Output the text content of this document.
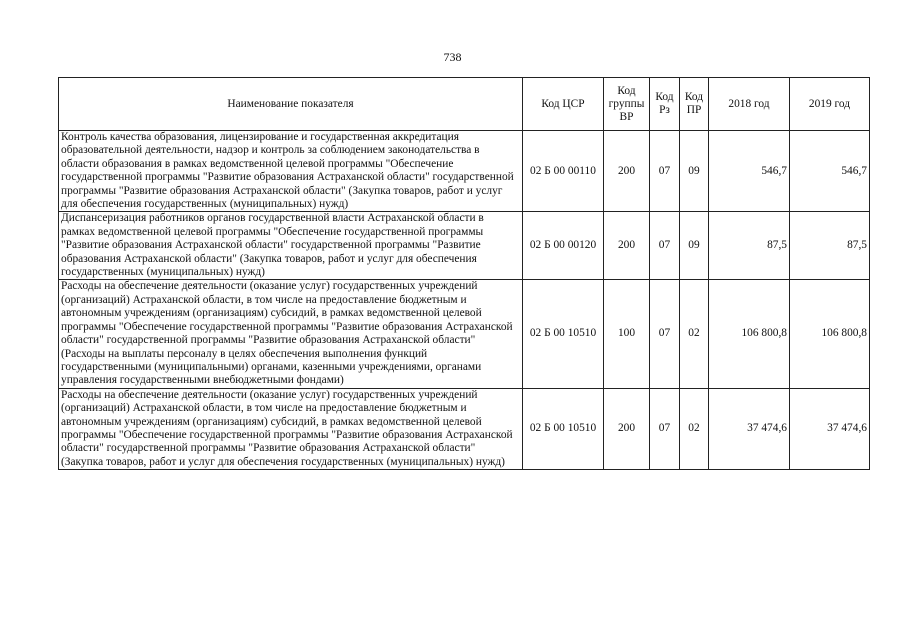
738
Наименование показателя	Код ЦСР	Код группы ВР	Код Рз	Код ПР	2018 год	2019 год
Контроль качества образования, лицензирование и государственная аккредитация образовательной деятельности, надзор и контроль за соблюдением законодательства в области образования в рамках ведомственной целевой программы "Обеспечение государственной программы "Развитие образования Астраханской области" государственной программы "Развитие образования Астраханской области" (Закупка товаров, работ и услуг для обеспечения государственных (муниципальных) нужд)	02 Б 00 00110	200	07	09	546,7	546,7
Диспансеризация работников органов государственной власти Астраханской области в рамках ведомственной целевой программы "Обеспечение государственной программы "Развитие образования Астраханской области" государственной программы "Развитие образования Астраханской области" (Закупка товаров, работ и услуг для обеспечения государственных (муниципальных) нужд)	02 Б 00 00120	200	07	09	87,5	87,5
Расходы на обеспечение деятельности (оказание услуг) государственных учреждений (организаций) Астраханской области, в том числе на предоставление бюджетным и автономным учреждениям (организациям) субсидий, в рамках ведомственной целевой программы "Обеспечение государственной программы "Развитие образования Астраханской области" государственной программы "Развитие образования Астраханской области" (Расходы на выплаты персоналу в целях обеспечения выполнения функций государственными (муниципальными) органами, казенными учреждениями, органами управления государственными внебюджетными фондами)	02 Б 00 10510	100	07	02	106 800,8	106 800,8
Расходы на обеспечение деятельности (оказание услуг) государственных учреждений (организаций) Астраханской области, в том числе на предоставление бюджетным и автономным учреждениям (организациям) субсидий, в рамках ведомственной целевой программы "Обеспечение государственной программы "Развитие образования Астраханской области" государственной программы "Развитие образования Астраханской области" (Закупка товаров, работ и услуг для обеспечения государственных (муниципальных) нужд)	02 Б 00 10510	200	07	02	37 474,6	37 474,6
